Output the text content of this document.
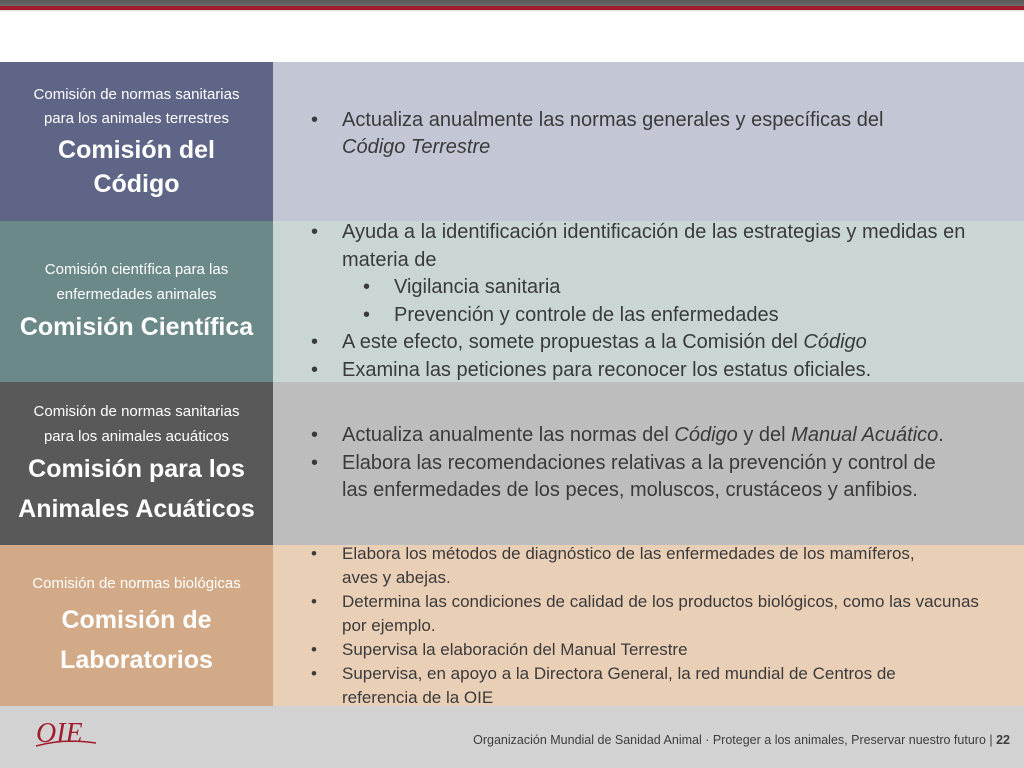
Comisión de normas sanitarias para los animales terrestres
Comisión del Código
• Actualiza anualmente las normas generales y específicas del
Código Terrestre
Comisión científica para las enfermedades animales
Comisión Científica
• Ayuda a la identificación identificación de las estrategias y medidas en materia de
• Vigilancia sanitaria
• Prevención y controle de las enfermedades
• A este efecto, somete propuestas a la Comisión del Código
• Examina las peticiones para reconocer los estatus oficiales.
Comisión de normas sanitarias para los animales acuáticos
Comisión para los Animales Acuáticos
• Actualiza anualmente las normas del Código y del Manual Acuático.
• Elabora las recomendaciones relativas a la prevención y control de las enfermedades de los peces, moluscos, crustáceos y anfibios.
Comisión de normas biológicas
Comisión de Laboratorios
• Elabora los métodos de diagnóstico de las enfermedades de los mamíferos, aves y abejas.
• Determina las condiciones de calidad de los productos biológicos, como las vacunas por ejemplo.
• Supervisa la elaboración del Manual Terrestre
• Supervisa, en apoyo a la Directora General, la red mundial de Centros de referencia de la OIE
OIE	Organización Mundial de Sanidad Animal · Proteger a los animales, Preservar nuestro futuro | 22
